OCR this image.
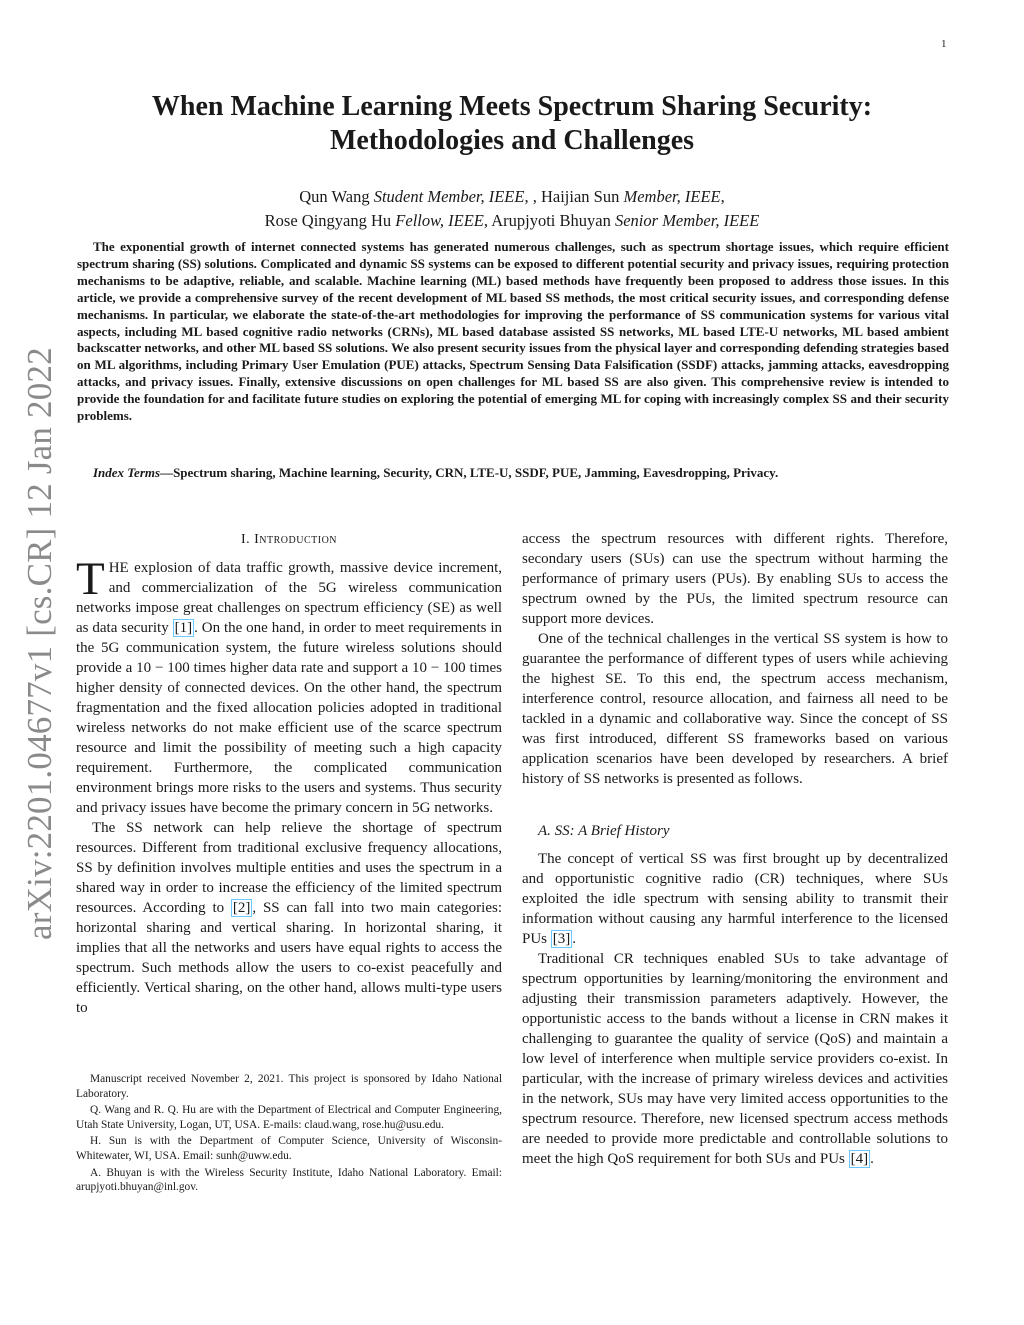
1
arXiv:2201.04677v1 [cs.CR] 12 Jan 2022
When Machine Learning Meets Spectrum Sharing Security:
Methodologies and Challenges
Qun Wang Student Member, IEEE, , Haijian Sun Member, IEEE,
Rose Qingyang Hu Fellow, IEEE, Arupjyoti Bhuyan Senior Member, IEEE
The exponential growth of internet connected systems has generated numerous challenges, such as spectrum shortage issues, which require efficient spectrum sharing (SS) solutions. Complicated and dynamic SS systems can be exposed to different potential security and privacy issues, requiring protection mechanisms to be adaptive, reliable, and scalable. Machine learning (ML) based methods have frequently been proposed to address those issues. In this article, we provide a comprehensive survey of the recent development of ML based SS methods, the most critical security issues, and corresponding defense mechanisms. In particular, we elaborate the state-of-the-art methodologies for improving the performance of SS communication systems for various vital aspects, including ML based cognitive radio networks (CRNs), ML based database assisted SS networks, ML based LTE-U networks, ML based ambient backscatter networks, and other ML based SS solutions. We also present security issues from the physical layer and corresponding defending strategies based on ML algorithms, including Primary User Emulation (PUE) attacks, Spectrum Sensing Data Falsification (SSDF) attacks, jamming attacks, eavesdropping attacks, and privacy issues. Finally, extensive discussions on open challenges for ML based SS are also given. This comprehensive review is intended to provide the foundation for and facilitate future studies on exploring the potential of emerging ML for coping with increasingly complex SS and their security problems.
Index Terms—Spectrum sharing, Machine learning, Security, CRN, LTE-U, SSDF, PUE, Jamming, Eavesdropping, Privacy.
I. Introduction

THE explosion of data traffic growth, massive device increment, and commercialization of the 5G wireless communication networks impose great challenges on spectrum efficiency (SE) as well as data security [1] . On the one hand, in order to meet requirements in the 5G communication system, the future wireless solutions should provide a 10 − 100 times higher data rate and support a 10 − 100 times higher density of connected devices. On the other hand, the spectrum fragmentation and the fixed allocation policies adopted in traditional wireless networks do not make efficient use of the scarce spectrum resource and limit the possibility of meeting such a high capacity requirement. Furthermore, the complicated communication environment brings more risks to the users and systems. Thus security and privacy issues have become the primary concern in 5G networks.

The SS network can help relieve the shortage of spectrum resources. Different from traditional exclusive frequency allocations, SS by definition involves multiple entities and uses the spectrum in a shared way in order to increase the efficiency of the limited spectrum resources. According to [2] , SS can fall into two main categories: horizontal sharing and vertical sharing. In horizontal sharing, it implies that all the networks and users have equal rights to access the spectrum. Such methods allow the users to co-exist peacefully and efficiently. Vertical sharing, on the other hand, allows multi-type users to

Manuscript received November 2, 2021. This project is sponsored by Idaho National Laboratory.

Q. Wang and R. Q. Hu are with the Department of Electrical and Computer Engineering, Utah State University, Logan, UT, USA. E-mails: claud.wang, rose.hu@usu.edu.

H. Sun is with the Department of Computer Science, University of Wisconsin-Whitewater, WI, USA. Email: sunh@uww.edu.

A. Bhuyan is with the Wireless Security Institute, Idaho National Laboratory. Email: arupjyoti.bhuyan@inl.gov.

access the spectrum resources with different rights. Therefore, secondary users (SUs) can use the spectrum without harming the performance of primary users (PUs). By enabling SUs to access the spectrum owned by the PUs, the limited spectrum resource can support more devices.

One of the technical challenges in the vertical SS system is how to guarantee the performance of different types of users while achieving the highest SE. To this end, the spectrum access mechanism, interference control, resource allocation, and fairness all need to be tackled in a dynamic and collaborative way. Since the concept of SS was first introduced, different SS frameworks based on various application scenarios have been developed by researchers. A brief history of SS networks is presented as follows.

A. SS: A Brief History

The concept of vertical SS was first brought up by decentralized and opportunistic cognitive radio (CR) techniques, where SUs exploited the idle spectrum with sensing ability to transmit their information without causing any harmful interference to the licensed PUs [3] .

Traditional CR techniques enabled SUs to take advantage of spectrum opportunities by learning/monitoring the environment and adjusting their transmission parameters adaptively. However, the opportunistic access to the bands without a license in CRN makes it challenging to guarantee the quality of service (QoS) and maintain a low level of interference when multiple service providers co-exist. In particular, with the increase of primary wireless devices and activities in the network, SUs may have very limited access opportunities to the spectrum resource. Therefore, new licensed spectrum access methods are needed to provide more predictable and controllable solutions to meet the high QoS requirement for both SUs and PUs [4] .
